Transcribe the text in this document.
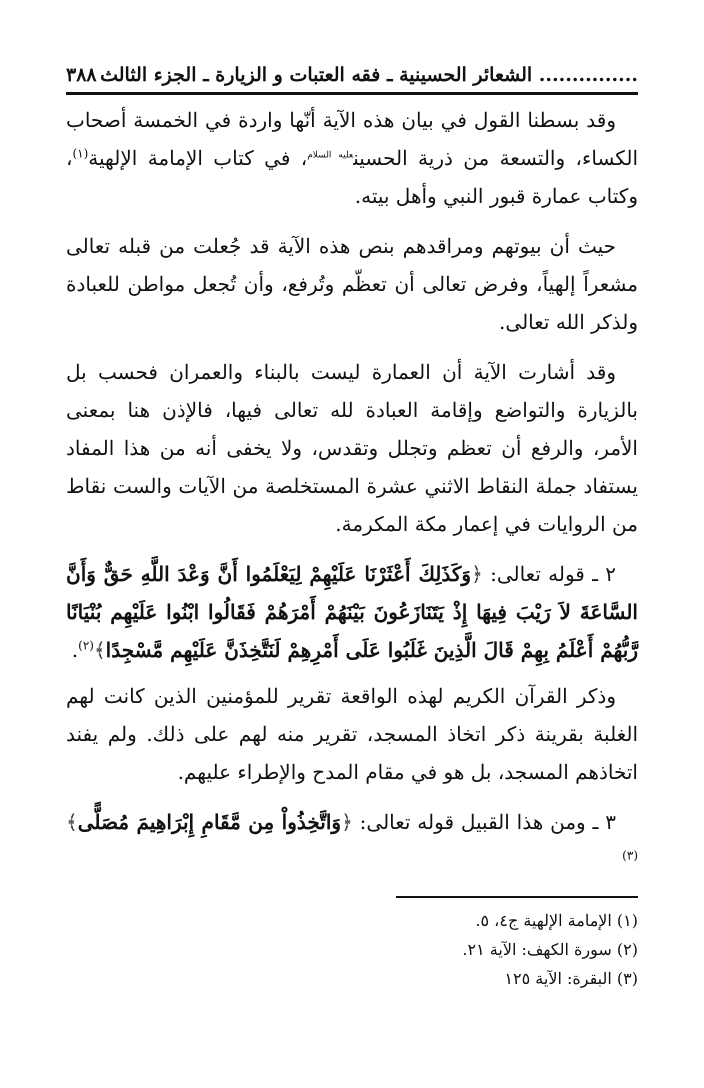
............... الشعائر الحسينية ـ فقه العتبات و الزيارة ـ الجزء الثالث
٣٨٨

وقد بسطنا القول في بيان هذه الآية أنّها واردة في الخمسة أصحاب الكساء، والتسعة من ذرية الحسين$^{عليه السلام}$، في كتاب الإمامة الإلهية$^{(١)}$، وكتاب عمارة قبور النبي وأهل بيته.

حيث أن بيوتهم ومراقدهم بنص هذه الآية قد جُعلت من قبله تعالى مشعراً إلهياً، وفرض تعالى أن تعظّم وتُرفع، وأن تُجعل مواطن للعبادة ولذكر الله تعالى.

وقد أشارت الآية أن العمارة ليست بالبناء والعمران فحسب بل بالزيارة والتواضع وإقامة العبادة لله تعالى فيها، فالإذن هنا بمعنى الأمر، والرفع أن تعظم وتجلل وتقدس، ولا يخفى أنه من هذا المفاد يستفاد جملة النقاط الاثني عشرة المستخلصة من الآيات والست نقاط من الروايات في إعمار مكة المكرمة.

٢ ـ قوله تعالى: ﴿وَكَذَلِكَ أَعْثَرْنَا عَلَيْهِمْ لِيَعْلَمُوا أَنَّ وَعْدَ اللَّهِ حَقٌّ وَأَنَّ السَّاعَةَ لاَ رَيْبَ فِيهَا إِذْ يَتَنَازَعُونَ بَيْنَهُمْ أَمْرَهُمْ فَقَالُوا ابْنُوا عَلَيْهِم بُنْيَانًا رَّبُّهُمْ أَعْلَمُ بِهِمْ قَالَ الَّذِينَ غَلَبُوا عَلَى أَمْرِهِمْ لَنَتَّخِذَنَّ عَلَيْهِم مَّسْجِدًا﴾$^{(٢)}$.

وذكر القرآن الكريم لهذه الواقعة تقرير للمؤمنين الذين كانت لهم الغلبة بقرينة ذكر اتخاذ المسجد، تقرير منه لهم على ذلك. ولم يفند اتخاذهم المسجد، بل هو في مقام المدح والإطراء عليهم.

٣ ـ ومن هذا القبيل قوله تعالى: ﴿وَاتَّخِذُواْ مِن مَّقَامِ إِبْرَاهِيمَ مُصَلًّى﴾$^{(٣)}$

(١) الإمامة الإلهية ج٤، ٥.

(٢) سورة الكهف: الآية ٢١.

(٣) البقرة: الآية ١٢٥
